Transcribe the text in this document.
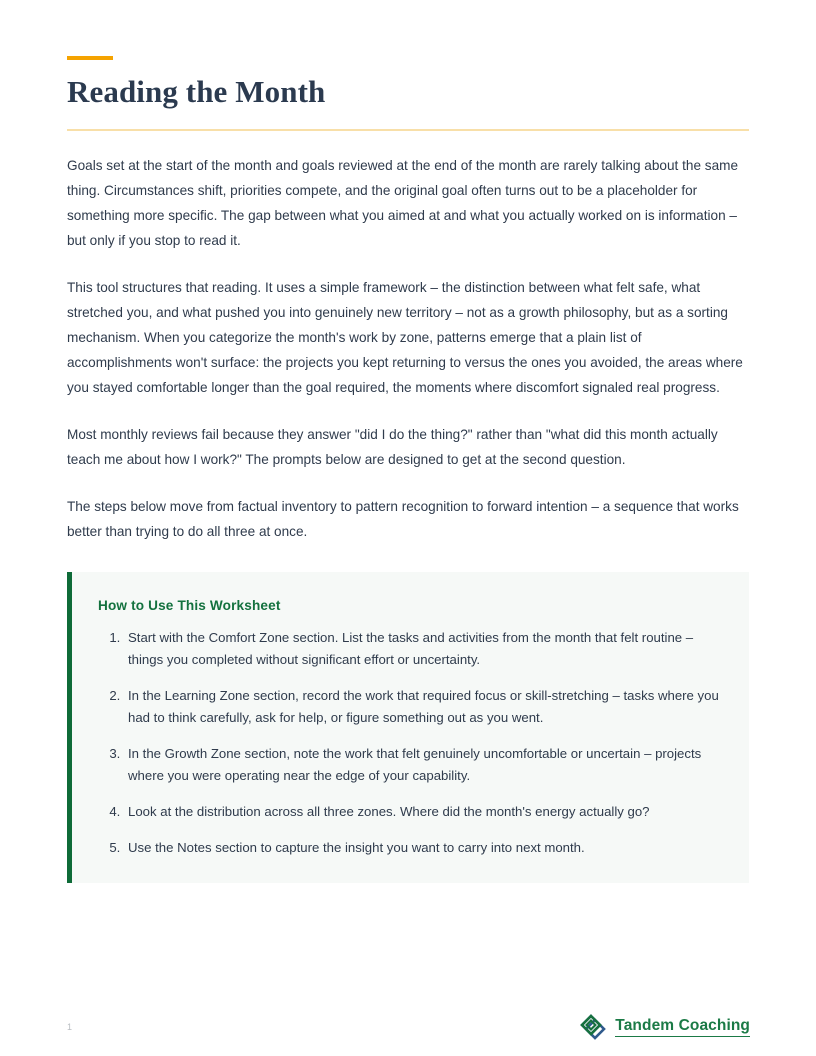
Reading the Month

Goals set at the start of the month and goals reviewed at the end of the month are rarely talking about the same thing. Circumstances shift, priorities compete, and the original goal often turns out to be a placeholder for something more specific. The gap between what you aimed at and what you actually worked on is information – but only if you stop to read it.

This tool structures that reading. It uses a simple framework – the distinction between what felt safe, what stretched you, and what pushed you into genuinely new territory – not as a growth philosophy, but as a sorting mechanism. When you categorize the month's work by zone, patterns emerge that a plain list of accomplishments won't surface: the projects you kept returning to versus the ones you avoided, the areas where you stayed comfortable longer than the goal required, the moments where discomfort signaled real progress.

Most monthly reviews fail because they answer "did I do the thing?" rather than "what did this month actually teach me about how I work?" The prompts below are designed to get at the second question.

The steps below move from factual inventory to pattern recognition to forward intention – a sequence that works better than trying to do all three at once.

How to Use This Worksheet
1. Start with the Comfort Zone section. List the tasks and activities from the month that felt routine – things you completed without significant effort or uncertainty.
2. In the Learning Zone section, record the work that required focus or skill-stretching – tasks where you had to think carefully, ask for help, or figure something out as you went.
3. In the Growth Zone section, note the work that felt genuinely uncomfortable or uncertain – projects where you were operating near the edge of your capability.
4. Look at the distribution across all three zones. Where did the month's energy actually go?
5. Use the Notes section to capture the insight you want to carry into next month.
1	Tandem Coaching
